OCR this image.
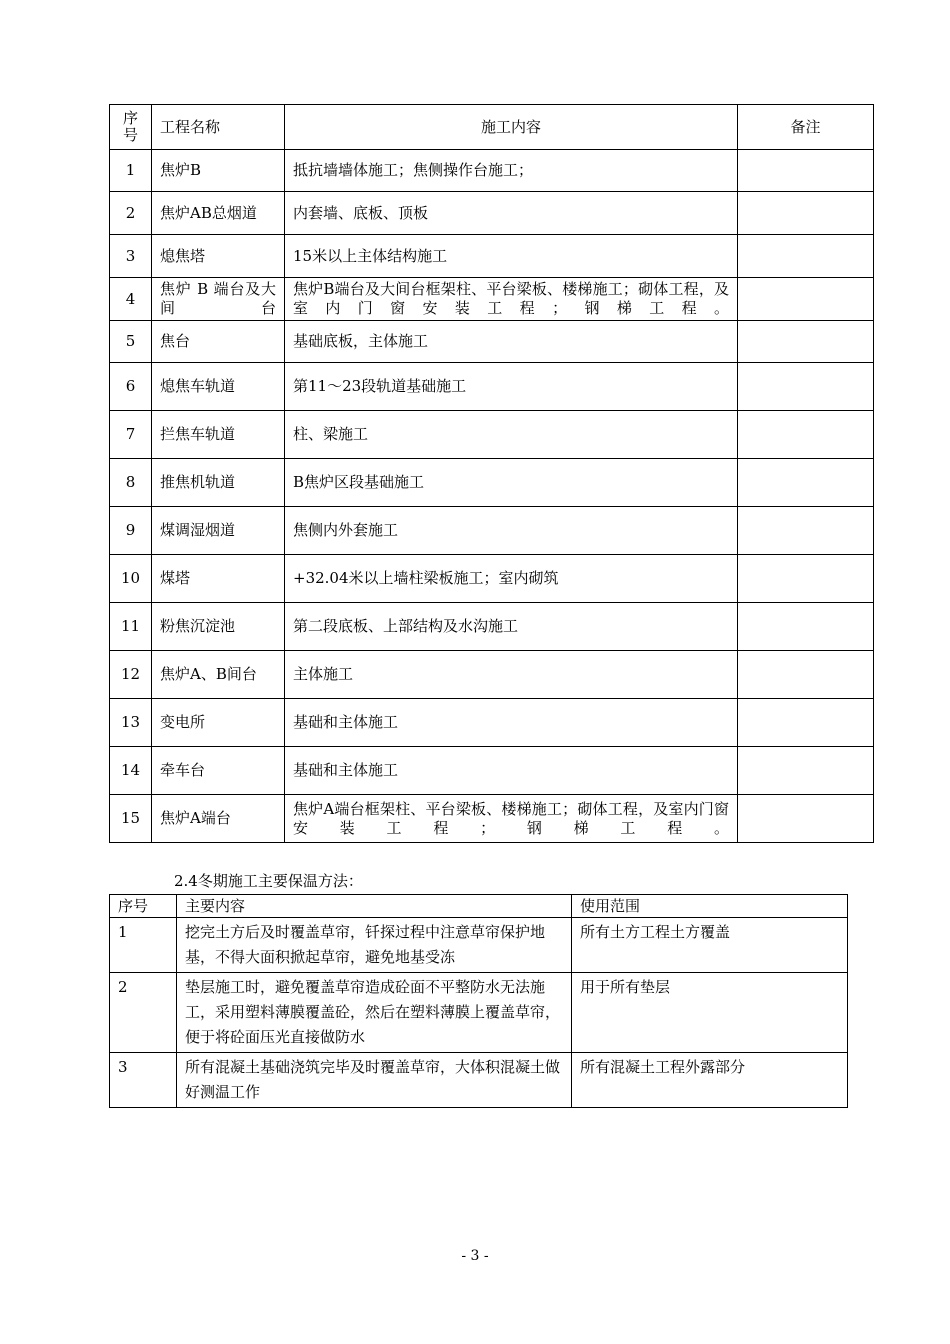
序号	工程名称	施工内容	备注
1	焦炉B	抵抗墙墙体施工；焦侧操作台施工；	
2	焦炉AB总烟道	内套墙、底板、顶板	
3	熄焦塔	15米以上主体结构施工	
4	焦炉 B 端台及大间台	焦炉B端台及大间台框架柱、平台梁板、楼梯施工；砌体工程，及室内门窗安装工程；钢梯工程。	
5	焦台	基础底板，主体施工	
6	熄焦车轨道	第11～23段轨道基础施工	
7	拦焦车轨道	柱、梁施工	
8	推焦机轨道	B焦炉区段基础施工	
9	煤调湿烟道	焦侧内外套施工	
10	煤塔	+32.04米以上墙柱梁板施工；室内砌筑	
11	粉焦沉淀池	第二段底板、上部结构及水沟施工	
12	焦炉A、B间台	主体施工	
13	变电所	基础和主体施工	
14	牵车台	基础和主体施工	
15	焦炉A端台	焦炉A端台框架柱、平台梁板、楼梯施工；砌体工程，及室内门窗安装工程；钢梯工程。	
2.4冬期施工主要保温方法：
序号	主要内容	使用范围
1	挖完土方后及时覆盖草帘，钎探过程中注意草帘保护地基，不得大面积掀起草帘，避免地基受冻	所有土方工程土方覆盖
2	垫层施工时，避免覆盖草帘造成砼面不平整防水无法施工，采用塑料薄膜覆盖砼，然后在塑料薄膜上覆盖草帘，便于将砼面压光直接做防水	用于所有垫层
3	所有混凝土基础浇筑完毕及时覆盖草帘，大体积混凝土做好测温工作	所有混凝土工程外露部分
- 3 -
